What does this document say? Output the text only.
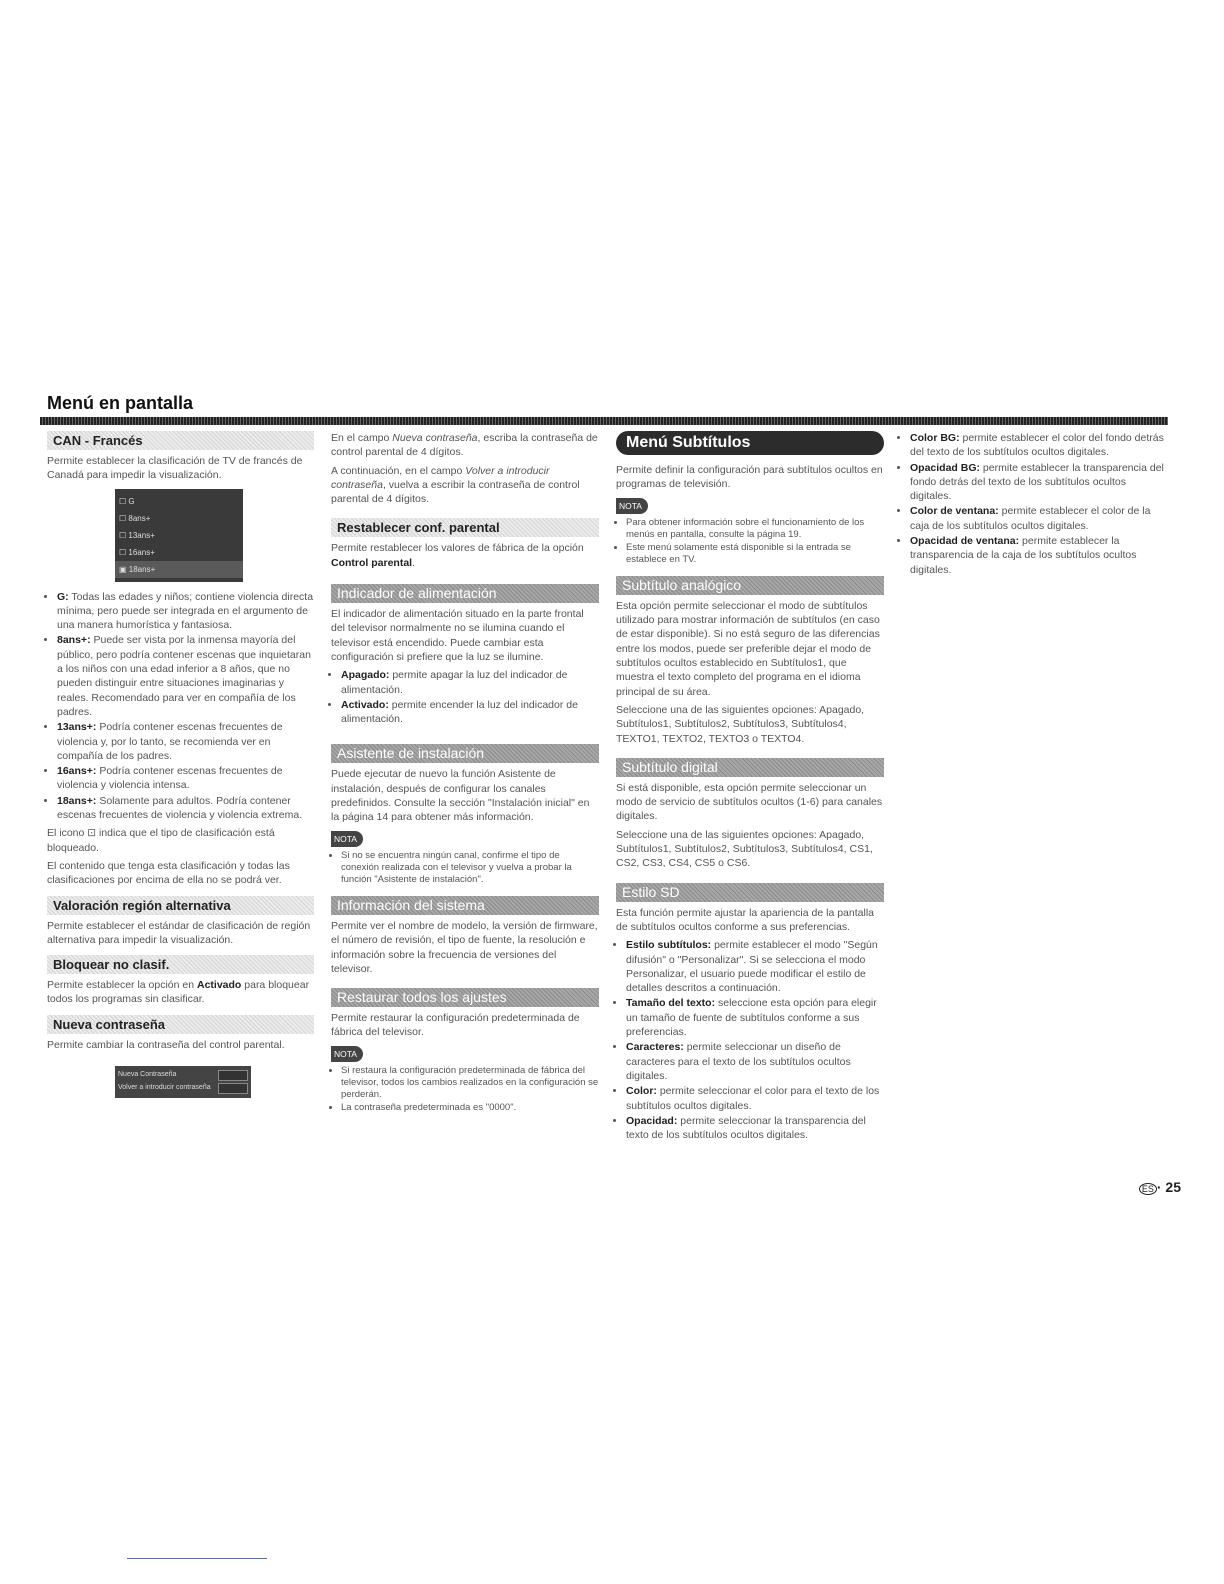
Menú en pantalla
CAN - Francés

Permite establecer la clasificación de TV de francés de Canadá para impedir la visualización.

☐ G
☐ 8ans+
☐ 13ans+
☐ 16ans+
▣ 18ans+
• G: Todas las edades y niños; contiene violencia directa mínima, pero puede ser integrada en el argumento de una manera humorística y fantasiosa.
• 8ans+: Puede ser vista por la inmensa mayoría del público, pero podría contener escenas que inquietaran a los niños con una edad inferior a 8 años, que no pueden distinguir entre situaciones imaginarias y reales. Recomendado para ver en compañía de los padres.
• 13ans+: Podría contener escenas frecuentes de violencia y, por lo tanto, se recomienda ver en compañía de los padres.
• 16ans+: Podría contener escenas frecuentes de violencia y violencia intensa.
• 18ans+: Solamente para adultos. Podría contener escenas frecuentes de violencia y violencia extrema.

El icono ⊡ indica que el tipo de clasificación está bloqueado.

El contenido que tenga esta clasificación y todas las clasificaciones por encima de ella no se podrá ver.

Valoración región alternativa

Permite establecer el estándar de clasificación de región alternativa para impedir la visualización.

Bloquear no clasif.

Permite establecer la opción en Activado para bloquear todos los programas sin clasificar.

Nueva contraseña

Permite cambiar la contraseña del control parental.

Nueva Contraseña
Volver a introducir contraseña

En el campo Nueva contraseña, escriba la contraseña de control parental de 4 dígitos.

A continuación, en el campo Volver a introducir contraseña, vuelva a escribir la contraseña de control parental de 4 dígitos.

Restablecer conf. parental

Permite restablecer los valores de fábrica de la opción Control parental.

Indicador de alimentación

El indicador de alimentación situado en la parte frontal del televisor normalmente no se ilumina cuando el televisor está encendido. Puede cambiar esta configuración si prefiere que la luz se ilumine.

• Apagado: permite apagar la luz del indicador de alimentación.
• Activado: permite encender la luz del indicador de alimentación.
Asistente de instalación

Puede ejecutar de nuevo la función Asistente de instalación, después de configurar los canales predefinidos. Consulte la sección "Instalación inicial" en la página 14 para obtener más información.

NOTA
• Si no se encuentra ningún canal, confirme el tipo de conexión realizada con el televisor y vuelva a probar la función "Asistente de instalación".
Información del sistema

Permite ver el nombre de modelo, la versión de firmware, el número de revisión, el tipo de fuente, la resolución e información sobre la frecuencia de versiones del televisor.

Restaurar todos los ajustes

Permite restaurar la configuración predeterminada de fábrica del televisor.

NOTA
• Si restaura la configuración predeterminada de fábrica del televisor, todos los cambios realizados en la configuración se perderán.
• La contraseña predeterminada es "0000".
Menú Subtítulos

Permite definir la configuración para subtítulos ocultos en programas de televisión.

NOTA
• Para obtener información sobre el funcionamiento de los menús en pantalla, consulte la página 19.
• Este menú solamente está disponible si la entrada se establece en TV.
Subtítulo analógico

Esta opción permite seleccionar el modo de subtítulos utilizado para mostrar información de subtítulos (en caso de estar disponible). Si no está seguro de las diferencias entre los modos, puede ser preferible dejar el modo de subtítulos ocultos establecido en Subtítulos1, que muestra el texto completo del programa en el idioma principal de su área.

Seleccione una de las siguientes opciones: Apagado, Subtítulos1, Subtítulos2, Subtítulos3, Subtítulos4, TEXTO1, TEXTO2, TEXTO3 o TEXTO4.

Subtítulo digital

Si está disponible, esta opción permite seleccionar un modo de servicio de subtítulos ocultos (1-6) para canales digitales.

Seleccione una de las siguientes opciones: Apagado, Subtítulos1, Subtítulos2, Subtítulos3, Subtítulos4, CS1, CS2, CS3, CS4, CS5 o CS6.

Estilo SD

Esta función permite ajustar la apariencia de la pantalla de subtítulos ocultos conforme a sus preferencias.

• Estilo subtítulos: permite establecer el modo "Según difusión" o "Personalizar". Si se selecciona el modo Personalizar, el usuario puede modificar el estilo de detalles descritos a continuación.
• Tamaño del texto: seleccione esta opción para elegir un tamaño de fuente de subtítulos conforme a sus preferencias.
• Caracteres: permite seleccionar un diseño de caracteres para el texto de los subtítulos ocultos digitales.
• Color: permite seleccionar el color para el texto de los subtítulos ocultos digitales.
• Opacidad: permite seleccionar la transparencia del texto de los subtítulos ocultos digitales.
• Color BG: permite establecer el color del fondo detrás del texto de los subtítulos ocultos digitales.
• Opacidad BG: permite establecer la transparencia del fondo detrás del texto de los subtítulos ocultos digitales.
• Color de ventana: permite establecer el color de la caja de los subtítulos ocultos digitales.
• Opacidad de ventana: permite establecer la transparencia de la caja de los subtítulos ocultos digitales.
ES · 25
